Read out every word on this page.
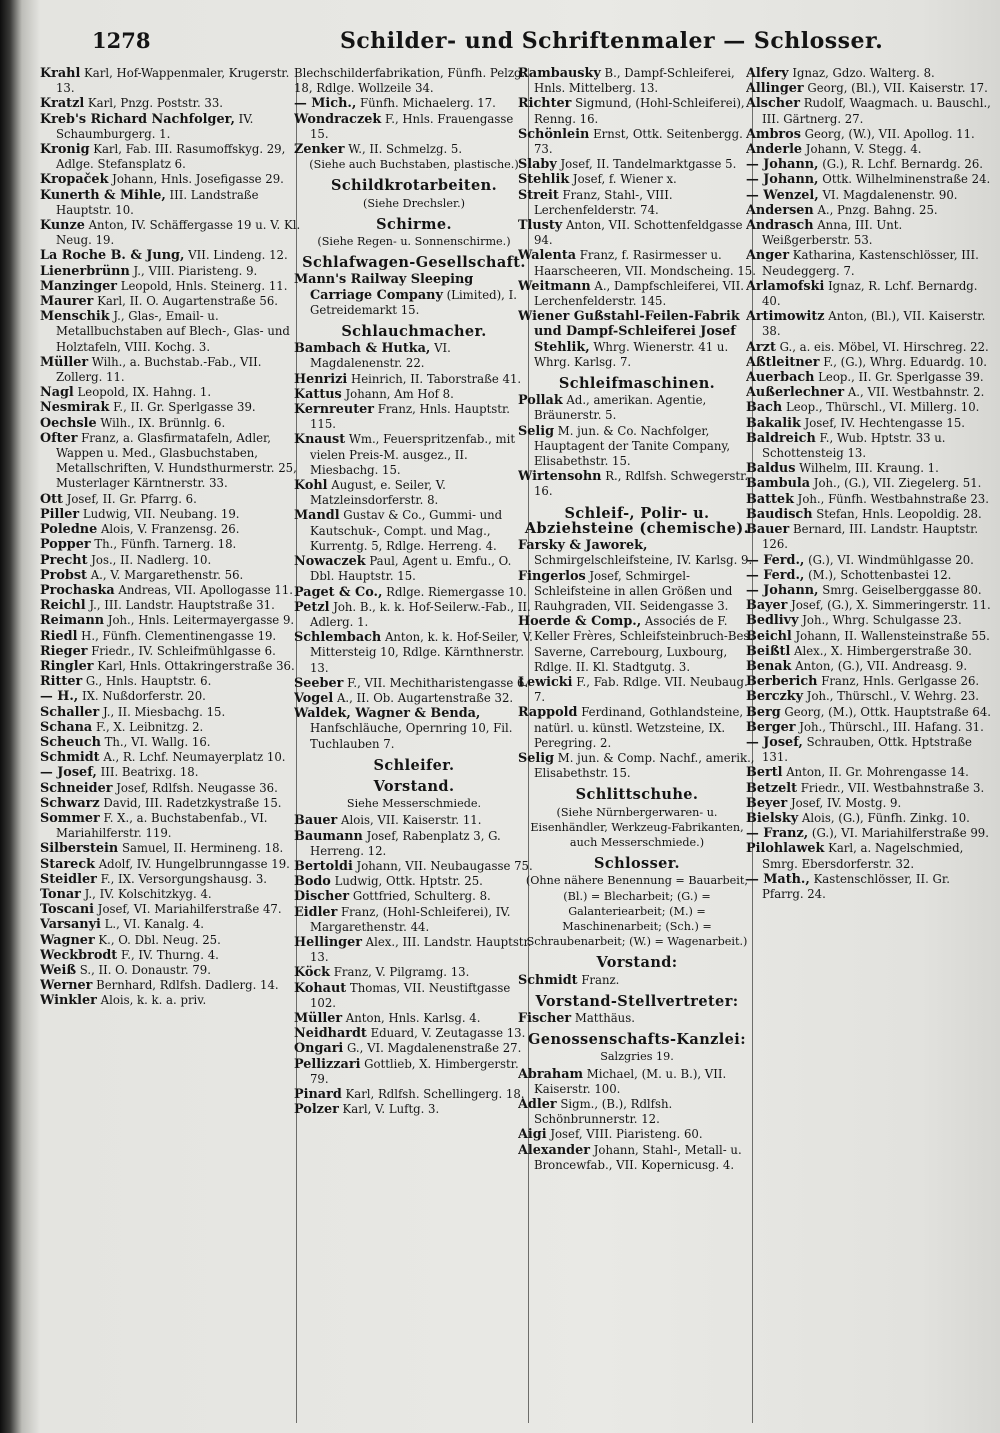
1278	Schilder- und Schriftenmaler — Schlosser.
Krahl Karl, Hof-Wappenmaler, Krugerstr. 13.
Kratzl Karl, Pnzg. Poststr. 33.
Kreb's Richard Nachfolger, IV. Schaumburgerg. 1.
Kronig Karl, Fab. III. Rasumoffskyg. 29, Adlge. Stefansplatz 6.
Kropaček Johann, Hnls. Josefigasse 29.
Kunerth & Mihle, III. Landstraße Hauptstr. 10.
Kunze Anton, IV. Schäffergasse 19 u. V. Kl. Neug. 19.
La Roche B. & Jung, VII. Lindeng. 12.
Lienerbrünn J., VIII. Piaristeng. 9.
Manzinger Leopold, Hnls. Steinerg. 11.
Maurer Karl, II. O. Augartenstraße 56.
Menschik J., Glas-, Email- u. Metallbuchstaben auf Blech-, Glas- und Holztafeln, VIII. Kochg. 3.
Müller Wilh., a. Buchstab.-Fab., VII. Zollerg. 11.
Nagl Leopold, IX. Hahng. 1.
Nesmirak F., II. Gr. Sperlgasse 39.
Oechsle Wilh., IX. Brünnlg. 6.
Ofter Franz, a. Glasfirmatafeln, Adler, Wappen u. Med., Glasbuchstaben, Metallschriften, V. Hundsthurmerstr. 25, Musterlager Kärntnerstr. 33.
Ott Josef, II. Gr. Pfarrg. 6.
Piller Ludwig, VII. Neubang. 19.
Poledne Alois, V. Franzensg. 26.
Popper Th., Fünfh. Tarnerg. 18.
Precht Jos., II. Nadlerg. 10.
Probst A., V. Margarethenstr. 56.
Prochaska Andreas, VII. Apollogasse 11.
Reichl J., III. Landstr. Hauptstraße 31.
Reimann Joh., Hnls. Leitermayergasse 9.
Riedl H., Fünfh. Clementinengasse 19.
Rieger Friedr., IV. Schleifmühlgasse 6.
Ringler Karl, Hnls. Ottakringerstraße 36.
Ritter G., Hnls. Hauptstr. 6.
— H., IX. Nußdorferstr. 20.
Schaller J., II. Miesbachg. 15.
Schana F., X. Leibnitzg. 2.
Scheuch Th., VI. Wallg. 16.
Schmidt A., R. Lchf. Neumayerplatz 10.
— Josef, III. Beatrixg. 18.
Schneider Josef, Rdlfsh. Neugasse 36.
Schwarz David, III. Radetzkystraße 15.
Sommer F. X., a. Buchstabenfab., VI. Mariahilferstr. 119.
Silberstein Samuel, II. Hermineng. 18.
Stareck Adolf, IV. Hungelbrunngasse 19.
Steidler F., IX. Versorgungshausg. 3.
Tonar J., IV. Kolschitzkyg. 4.
Toscani Josef, VI. Mariahilferstraße 47.
Varsanyi L., VI. Kanalg. 4.
Wagner K., O. Dbl. Neug. 25.
Weckbrodt F., IV. Thurng. 4.
Weiß S., II. O. Donaustr. 79.
Werner Bernhard, Rdlfsh. Dadlerg. 14.
Winkler Alois, k. k. a. priv.
Blechschilderfabrikation, Fünfh. Pelzg. 18, Rdlge. Wollzeile 34.
— Mich., Fünfh. Michaelerg. 17.
Wondraczek F., Hnls. Frauengasse 15.
Zenker W., II. Schmelzg. 5.
(Siehe auch Buchstaben, plastische.)
Schildkrotarbeiten.
(Siehe Drechsler.)
Schirme.
(Siehe Regen- u. Sonnenschirme.)
Schlafwagen-Gesellschaft.
Mann's Railway Sleeping Carriage Company (Limited), I. Getreidemarkt 15.
Schlauchmacher.
Bambach & Hutka, VI. Magdalenenstr. 22.
Henrizi Heinrich, II. Taborstraße 41.
Kattus Johann, Am Hof 8.
Kernreuter Franz, Hnls. Hauptstr. 115.
Knaust Wm., Feuerspritzenfab., mit vielen Preis-M. ausgez., II. Miesbachg. 15.
Kohl August, e. Seiler, V. Matzleinsdorferstr. 8.
Mandl Gustav & Co., Gummi- und Kautschuk-, Compt. und Mag., Kurrentg. 5, Rdlge. Herreng. 4.
Nowaczek Paul, Agent u. Emfu., O. Dbl. Hauptstr. 15.
Paget & Co., Rdlge. Riemergasse 10.
Petzl Joh. B., k. k. Hof-Seilerw.-Fab., II. Adlerg. 1.
Schlembach Anton, k. k. Hof-Seiler, V. Mittersteig 10, Rdlge. Kärnthnerstr. 13.
Seeber F., VII. Mechitharistengasse 6.
Vogel A., II. Ob. Augartenstraße 32.
Waldek, Wagner & Benda, Hanfschläuche, Opernring 10, Fil. Tuchlauben 7.
Schleifer.
Vorstand.
Siehe Messerschmiede.
Bauer Alois, VII. Kaiserstr. 11.
Baumann Josef, Rabenplatz 3, G. Herreng. 12.
Bertoldi Johann, VII. Neubaugasse 75.
Bodo Ludwig, Ottk. Hptstr. 25.
Discher Gottfried, Schulterg. 8.
Eidler Franz, (Hohl-Schleiferei), IV. Margarethenstr. 44.
Hellinger Alex., III. Landstr. Hauptstr. 13.
Köck Franz, V. Pilgramg. 13.
Kohaut Thomas, VII. Neustiftgasse 102.
Müller Anton, Hnls. Karlsg. 4.
Neidhardt Eduard, V. Zeutagasse 13.
Ongari G., VI. Magdalenenstraße 27.
Pellizzari Gottlieb, X. Himbergerstr. 79.
Pinard Karl, Rdlfsh. Schellingerg. 18.
Polzer Karl, V. Luftg. 3.
Rambausky B., Dampf-Schleiferei, Hnls. Mittelberg. 13.
Richter Sigmund, (Hohl-Schleiferei), Renng. 16.
Schönlein Ernst, Ottk. Seitenbergg. 73.
Slaby Josef, II. Tandelmarktgasse 5.
Stehlik Josef, f. Wiener x.
Streit Franz, Stahl-, VIII. Lerchenfelderstr. 74.
Tlusty Anton, VII. Schottenfeldgasse 94.
Walenta Franz, f. Rasirmesser u. Haarscheeren, VII. Mondscheing. 15.
Weitmann A., Dampfschleiferei, VII. Lerchenfelderstr. 145.
Wiener Gußstahl-Feilen-Fabrik und Dampf-Schleiferei Josef Stehlik, Whrg. Wienerstr. 41 u. Whrg. Karlsg. 7.
Schleifmaschinen.
Pollak Ad., amerikan. Agentie, Bräunerstr. 5.
Selig M. jun. & Co. Nachfolger, Hauptagent der Tanite Company, Elisabethstr. 15.
Wirtensohn R., Rdlfsh. Schwegerstr. 16.
Schleif-, Polir- u. Abziehsteine (chemische).
Farsky & Jaworek, Schmirgelschleifsteine, IV. Karlsg. 9.
Fingerlos Josef, Schmirgel-Schleifsteine in allen Größen und Rauhgraden, VII. Seidengasse 3.
Hoerde & Comp., Associés de F. Keller Frères, Schleifsteinbruch-Bes. Saverne, Carrebourg, Luxbourg, Rdlge. II. Kl. Stadtgutg. 3.
Lewicki F., Fab. Rdlge. VII. Neubaug. 7.
Rappold Ferdinand, Gothlandsteine, natürl. u. künstl. Wetzsteine, IX. Peregring. 2.
Selig M. jun. & Comp. Nachf., amerik., Elisabethstr. 15.
Schlittschuhe.
(Siehe Nürnbergerwaren- u. Eisenhändler, Werkzeug-Fabrikanten, auch Messerschmiede.)
Schlosser.
(Ohne nähere Benennung = Bauarbeit; (Bl.) = Blecharbeit; (G.) = Galanteriearbeit; (M.) = Maschinenarbeit; (Sch.) = Schraubenarbeit; (W.) = Wagenarbeit.)
Vorstand:
Schmidt Franz.
Vorstand-Stellvertreter:
Fischer Matthäus.
Genossenschafts-Kanzlei:
Salzgries 19.
Abraham Michael, (M. u. B.), VII. Kaiserstr. 100.
Adler Sigm., (B.), Rdlfsh. Schönbrunnerstr. 12.
Aigi Josef, VIII. Piaristeng. 60.
Alexander Johann, Stahl-, Metall- u. Broncewfab., VII. Kopernicusg. 4.
Alfery Ignaz, Gdzo. Walterg. 8.
Allinger Georg, (Bl.), VII. Kaiserstr. 17.
Alscher Rudolf, Waagmach. u. Bauschl., III. Gärtnerg. 27.
Ambros Georg, (W.), VII. Apollog. 11.
Anderle Johann, V. Stegg. 4.
— Johann, (G.), R. Lchf. Bernardg. 26.
— Johann, Ottk. Wilhelminenstraße 24.
— Wenzel, VI. Magdalenenstr. 90.
Andersen A., Pnzg. Bahng. 25.
Andrasch Anna, III. Unt. Weißgerberstr. 53.
Anger Katharina, Kastenschlösser, III. Neudeggerg. 7.
Arlamofski Ignaz, R. Lchf. Bernardg. 40.
Artimowitz Anton, (Bl.), VII. Kaiserstr. 38.
Arzt G., a. eis. Möbel, VI. Hirschreg. 22.
Aßtleitner F., (G.), Whrg. Eduardg. 10.
Auerbach Leop., II. Gr. Sperlgasse 39.
Außerlechner A., VII. Westbahnstr. 2.
Bach Leop., Thürschl., VI. Millerg. 10.
Bakalik Josef, IV. Hechtengasse 15.
Baldreich F., Wub. Hptstr. 33 u. Schottensteig 13.
Baldus Wilhelm, III. Kraung. 1.
Bambula Joh., (G.), VII. Ziegelerg. 51.
Battek Joh., Fünfh. Westbahnstraße 23.
Baudisch Stefan, Hnls. Leopoldig. 28.
Bauer Bernard, III. Landstr. Hauptstr. 126.
— Ferd., (G.), VI. Windmühlgasse 20.
— Ferd., (M.), Schottenbastei 12.
— Johann, Smrg. Geiselberggasse 80.
Bayer Josef, (G.), X. Simmeringerstr. 11.
Bedlivy Joh., Whrg. Schulgasse 23.
Beichl Johann, II. Wallensteinstraße 55.
Beißtl Alex., X. Himbergerstraße 30.
Benak Anton, (G.), VII. Andreasg. 9.
Berberich Franz, Hnls. Gerlgasse 26.
Berczky Joh., Thürschl., V. Wehrg. 23.
Berg Georg, (M.), Ottk. Hauptstraße 64.
Berger Joh., Thürschl., III. Hafang. 31.
— Josef, Schrauben, Ottk. Hptstraße 131.
Bertl Anton, II. Gr. Mohrengasse 14.
Betzelt Friedr., VII. Westbahnstraße 3.
Beyer Josef, IV. Mostg. 9.
Bielsky Alois, (G.), Fünfh. Zinkg. 10.
— Franz, (G.), VI. Mariahilferstraße 99.
Pilohlawek Karl, a. Nagelschmied, Smrg. Ebersdorferstr. 32.
— Math., Kastenschlösser, II. Gr. Pfarrg. 24.
